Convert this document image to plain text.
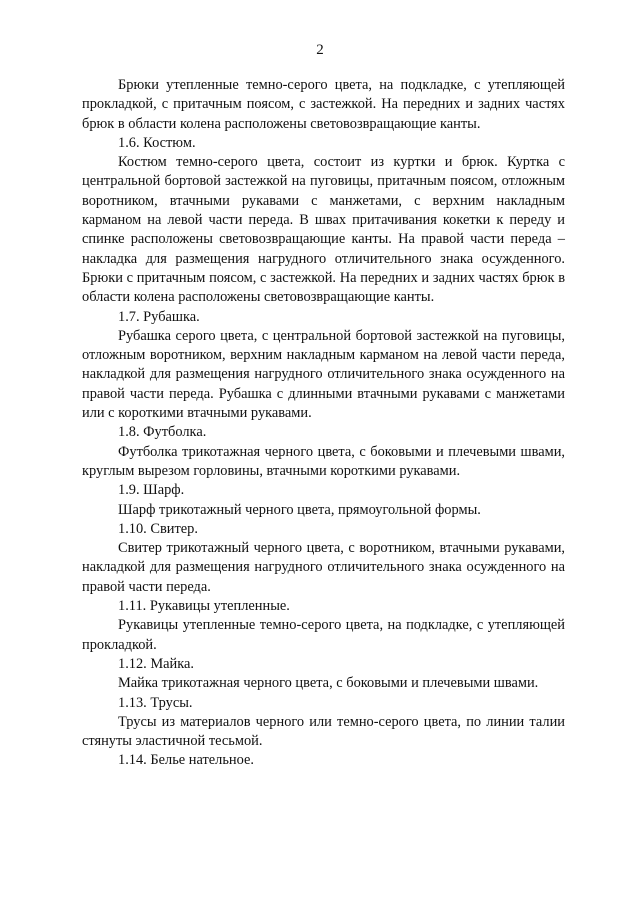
2

Брюки утепленные темно-серого цвета, на подкладке, с утепляющей прокладкой, с притачным поясом, с застежкой. На передних и задних частях брюк в области колена расположены световозвращающие канты.

1.6. Костюм.

Костюм темно-серого цвета, состоит из куртки и брюк. Куртка с центральной бортовой застежкой на пуговицы, притачным поясом, отложным воротником, втачными рукавами с манжетами, с верхним накладным карманом на левой части переда. В швах притачивания кокетки к переду и спинке расположены световозвращающие канты. На правой части переда – накладка для размещения нагрудного отличительного знака осужденного. Брюки с притачным поясом, с застежкой. На передних и задних частях брюк в области колена расположены световозвращающие канты.

1.7. Рубашка.

Рубашка серого цвета, с центральной бортовой застежкой на пуговицы, отложным воротником, верхним накладным карманом на левой части переда, накладкой для размещения нагрудного отличительного знака осужденного на правой части переда. Рубашка с длинными втачными рукавами с манжетами или с короткими втачными рукавами.

1.8. Футболка.

Футболка трикотажная черного цвета, с боковыми и плечевыми швами, круглым вырезом горловины, втачными короткими рукавами.

1.9. Шарф.

Шарф трикотажный черного цвета, прямоугольной формы.

1.10. Свитер.

Свитер трикотажный черного цвета, с воротником, втачными рукавами, накладкой для размещения нагрудного отличительного знака осужденного на правой части переда.

1.11. Рукавицы утепленные.

Рукавицы утепленные темно-серого цвета, на подкладке, с утепляющей прокладкой.

1.12. Майка.

Майка трикотажная черного цвета, с боковыми и плечевыми швами.

1.13. Трусы.

Трусы из материалов черного или темно-серого цвета, по линии талии стянуты эластичной тесьмой.

1.14. Белье нательное.
